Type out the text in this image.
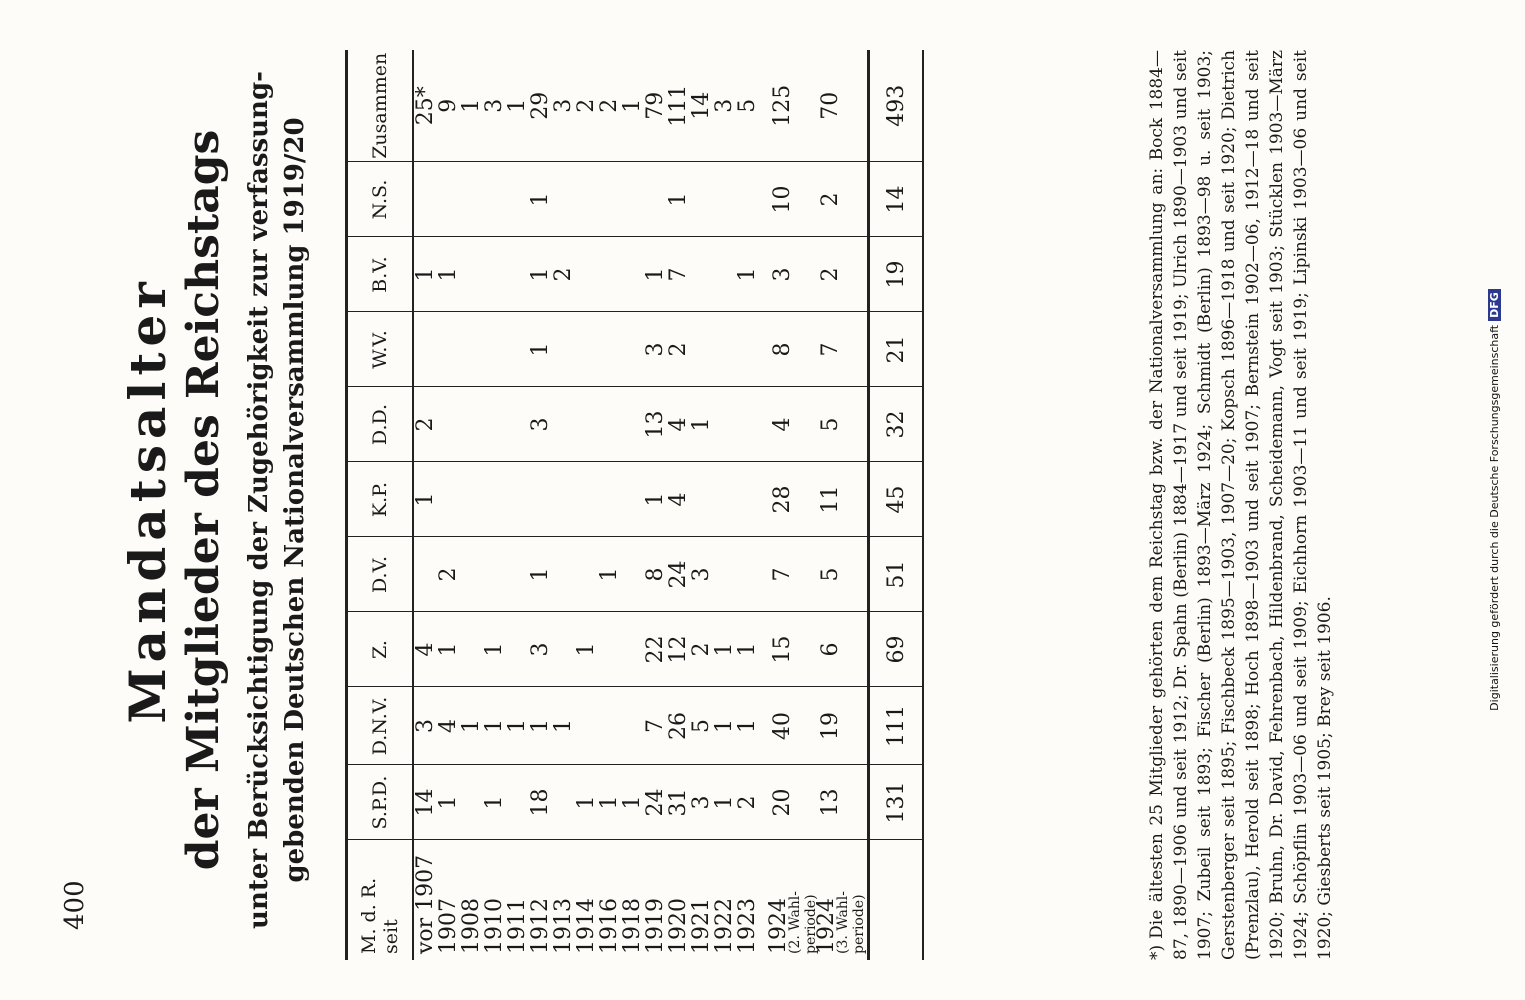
400
Mandatsalter der Mitglieder des Reichstags unter Berücksichtigung der Zugehörigkeit zur verfassung- gebenden Deutschen Nationalversammlung 1919/20
M. d. R. seit	S.P.D.	D.N.V.	Z.	D.V.	K.P.	D.D.	W.V.	B.V.	N.S.	Zusammen
vor 1907	14	3	4		1	2		1		25*
1907	1	4	1	2				1		9
1908		1								1
1910	1	1	1							3
1911		1								1
1912	18	1	3	1		3	1	1	1	29
1913		1						2		3
1914	1		1							2
1916	1			1						2
1918	1									1
1919	24	7	22	8	1	13	3	1		79
1920	31	26	12	24	4	4	2	7	1	111
1921	3	5	2	3		1				14
1922	1	1	1							3
1923	2	1	1					1		5

1924
(2. Wahl-periode)	20	40	15	7	28	4	8	3	10	125
1924
(3. Wahl-periode)	13	19	6	5	11	5	7	2	2	70
	131	111	69	51	45	32	21	19	14	493
*)Die ältesten 25 Mitglieder gehörten dem Reichstag bzw. der Nationalversammlung an: Bock 1884—87, 1890—1906 und seit 1912; Dr. Spahn (Berlin) 1884—1917 und seit 1919; Ulrich 1890—1903 und seit 1907; Zubeil seit 1893; Fischer (Berlin) 1893—März 1924; Schmidt (Berlin) 1893—98 u. seit 1903; Gerstenberger seit 1895; Fischbeck 1895—1903, 1907—20; Kopsch 1896—1918 und seit 1920; Dietrich (Prenzlau), Herold seit 1898; Hoch 1898—1903 und seit 1907; Bernstein 1902—06, 1912—18 und seit 1920; Bruhn, Dr. David, Fehrenbach, Hildenbrand, Scheidemann, Vogt seit 1903; Stücklen 1903—März 1924; Schöpflin 1903—06 und seit 1909; Eichhorn 1903—11 und seit 1919; Lipinski 1903—06 und seit 1920; Giesberts seit 1905; Brey seit 1906.
Digitalisierung gefördert durch die Deutsche ForschungsgemeinschaftDFG
